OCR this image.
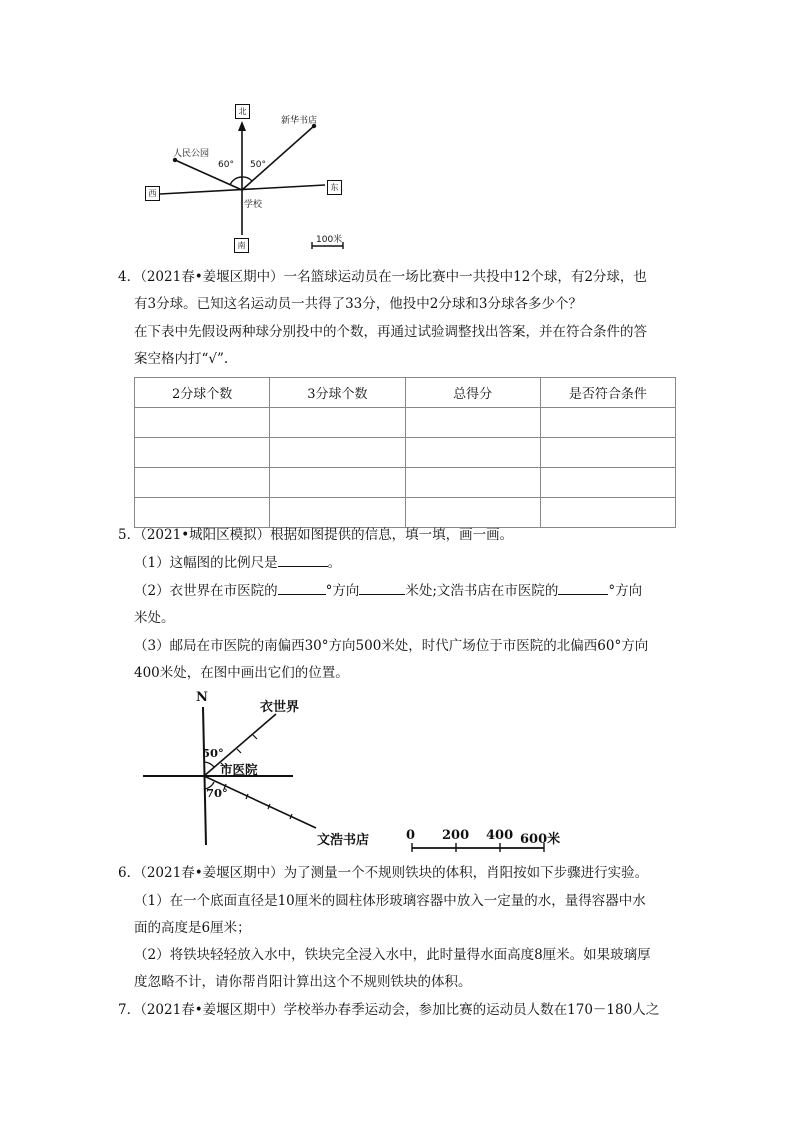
北
西
东
南
学校
人民公园
新华书店
60° 50°
100米
4．（2021春•姜堰区期中）一名篮球运动员在一场比赛中一共投中12个球，有2分球，也
有3分球。已知这名运动员一共得了33分，他投中2分球和3分球各多少个？
在下表中先假设两种球分别投中的个数，再通过试验调整找出答案，并在符合条件的答
案空格内打“√”.
2分球个数	3分球个数	总得分	是否符合条件

5．（2021•城阳区模拟）根据如图提供的信息，填一填，画一画。
（1）这幅图的比例尺是	。
（2）衣世界在市医院的	°方向	米处;文浩书店在市医院的	°方向
米处。
（3）邮局在市医院的南偏西30°方向500米处，时代广场位于市医院的北偏西60°方向
400米处，在图中画出它们的位置。
N
衣世界
50°
市医院
70°
文浩书店	0 200 400 600米
6．（2021春•姜堰区期中）为了测量一个不规则铁块的体积，肖阳按如下步骤进行实验。
（1）在一个底面直径是10厘米的圆柱体形玻璃容器中放入一定量的水，量得容器中水
面的高度是6厘米；
（2）将铁块轻轻放入水中，铁块完全浸入水中，此时量得水面高度8厘米。如果玻璃厚
度忽略不计，请你帮肖阳计算出这个不规则铁块的体积。
7．（2021春•姜堰区期中）学校举办春季运动会，参加比赛的运动员人数在170－180人之
